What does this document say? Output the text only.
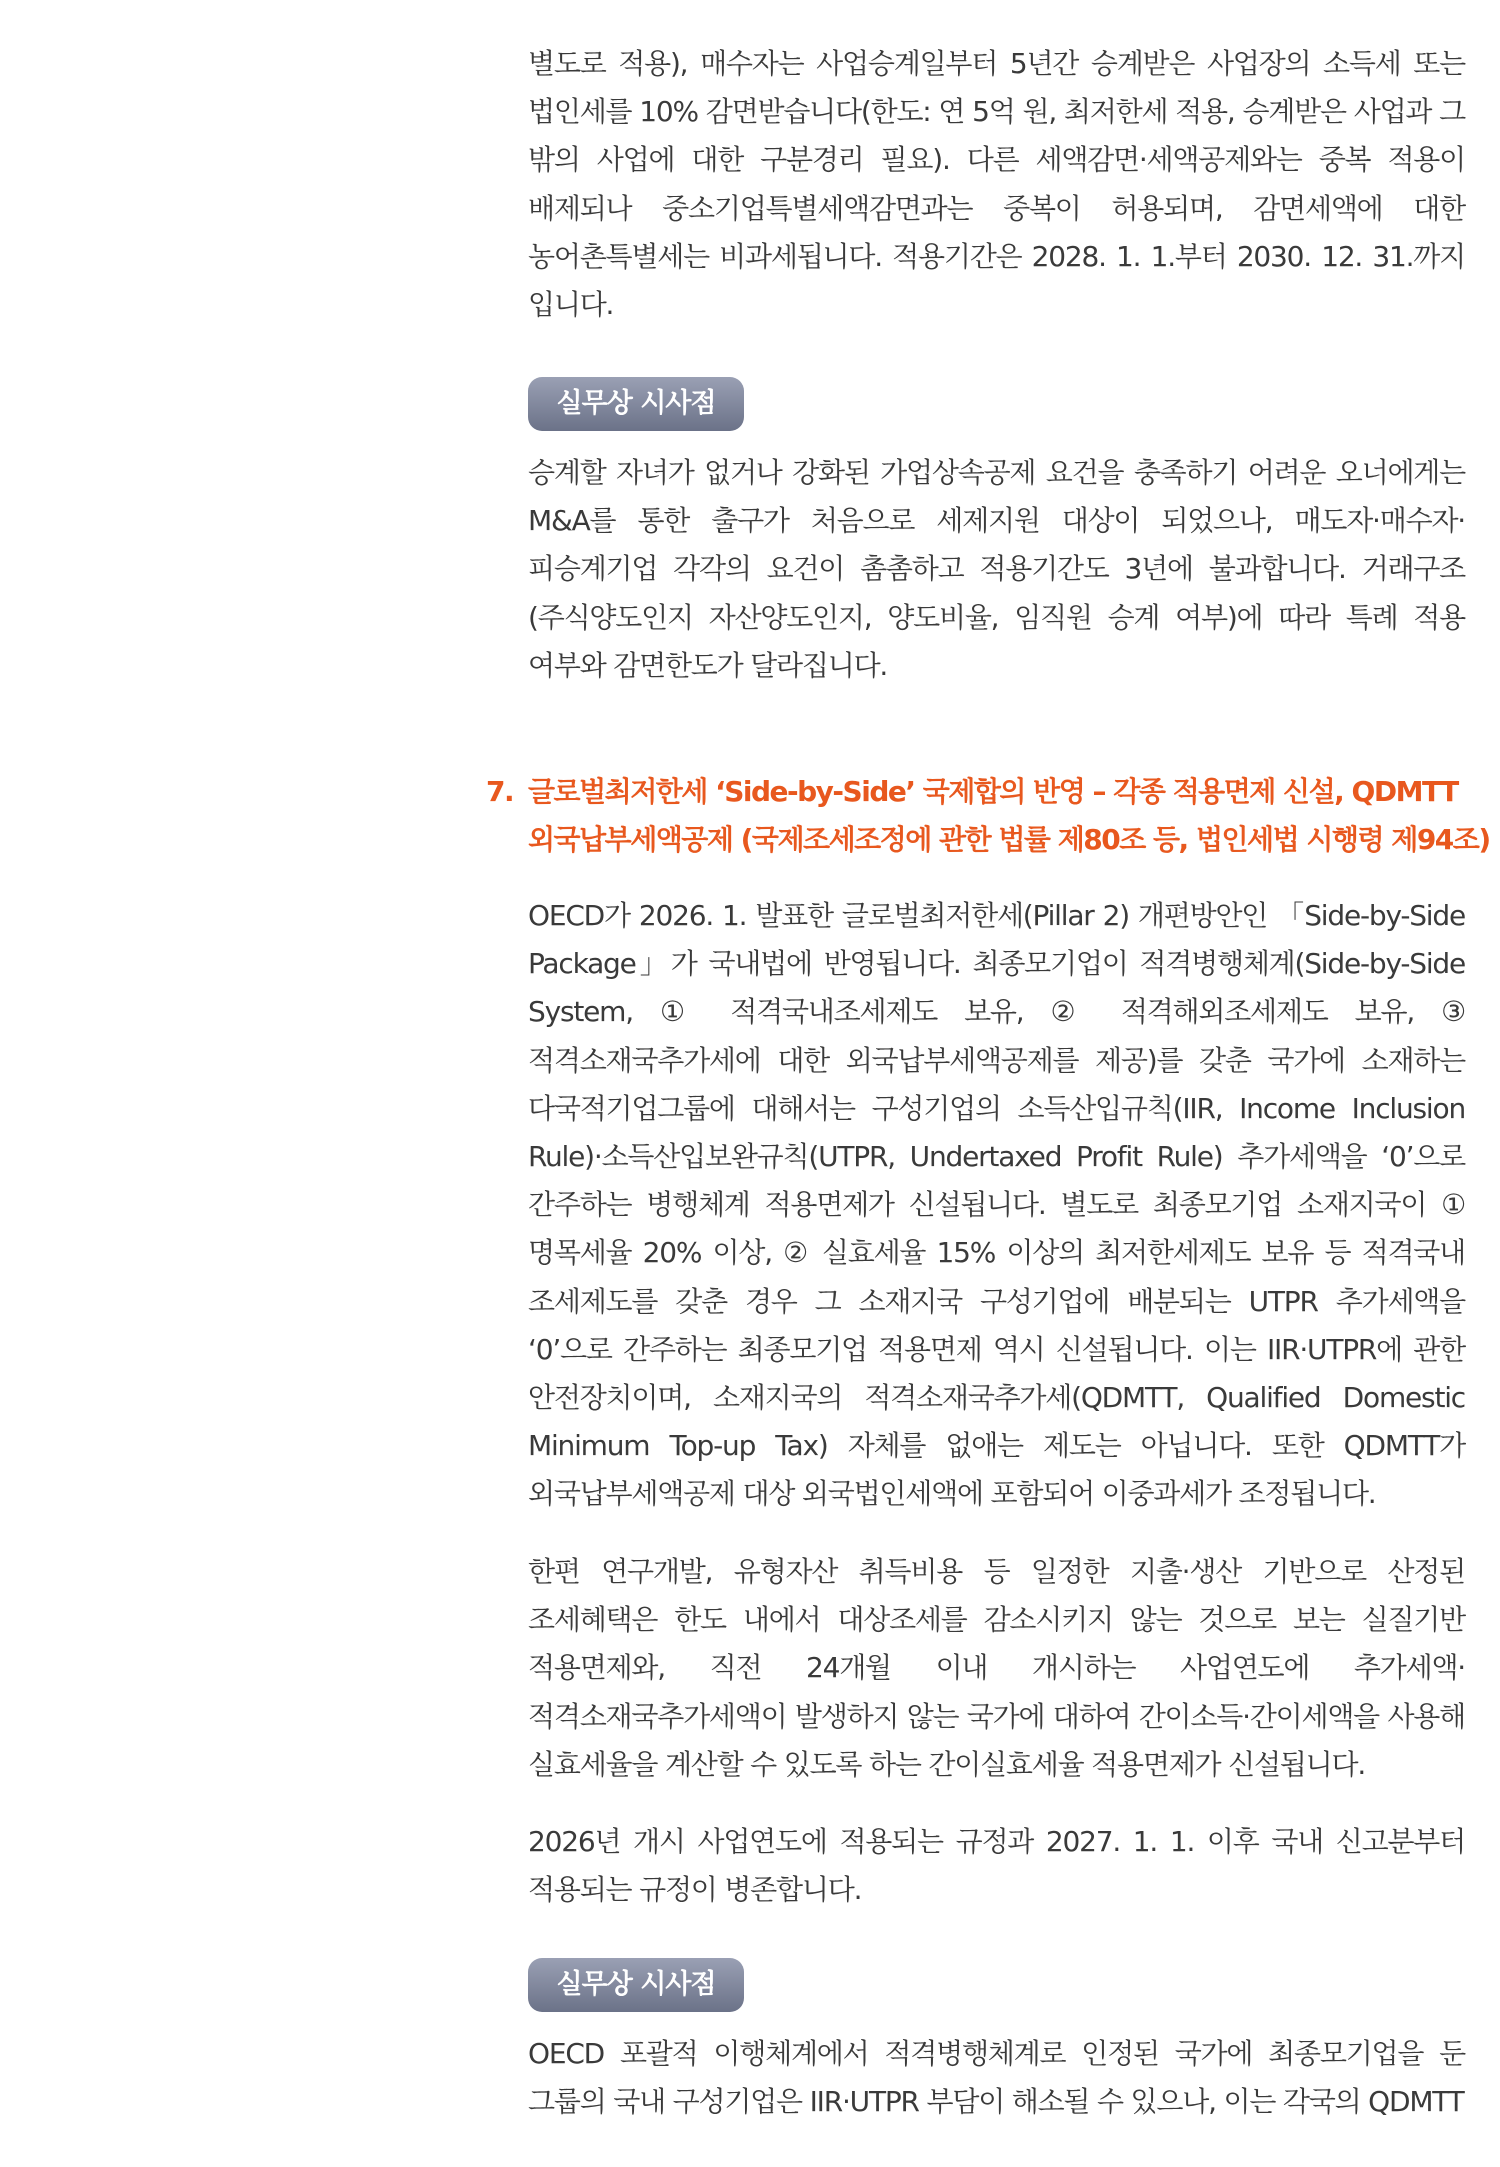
별도로 적용), 매수자는 사업승계일부터 5년간 승계받은 사업장의 소득세 또는 법인세를 10% 감면받습니다(한도: 연 5억 원, 최저한세 적용, 승계받은 사업과 그 밖의 사업에 대한 구분경리 필요). 다른 세액감면·세액공제와는 중복 적용이 배제되나 중소기업특별세액감면과는 중복이 허용되며, 감면세액에 대한 농어촌특별세는 비과세됩니다. 적용기간은 2028. 1. 1.부터 2030. 12. 31.까지 입니다.

실무상 시사점

승계할 자녀가 없거나 강화된 가업상속공제 요건을 충족하기 어려운 오너에게는 M&A를 통한 출구가 처음으로 세제지원 대상이 되었으나, 매도자·매수자·피승계기업 각각의 요건이 촘촘하고 적용기간도 3년에 불과합니다. 거래구조(주식양도인지 자산양도인지, 양도비율, 임직원 승계 여부)에 따라 특례 적용 여부와 감면한도가 달라집니다.

7. 글로벌최저한세 ‘Side-by-Side’ 국제합의 반영 – 각종 적용면제 신설, QDMTT
외국납부세액공제 (국제조세조정에 관한 법률 제80조 등, 법인세법 시행령 제94조)

OECD가 2026. 1. 발표한 글로벌최저한세(Pillar 2) 개편방안인 「Side-by-Side Package」가 국내법에 반영됩니다. 최종모기업이 적격병행체계(Side-by-Side System, ① 적격국내조세제도 보유, ② 적격해외조세제도 보유, ③ 적격소재국추가세에 대한 외국납부세액공제를 제공)를 갖춘 국가에 소재하는 다국적기업그룹에 대해서는 구성기업의 소득산입규칙(IIR, Income Inclusion Rule)·소득산입보완규칙(UTPR, Undertaxed Profit Rule) 추가세액을 ‘0’으로 간주하는 병행체계 적용면제가 신설됩니다. 별도로 최종모기업 소재지국이 ① 명목세율 20% 이상, ② 실효세율 15% 이상의 최저한세제도 보유 등 적격국내 조세제도를 갖춘 경우 그 소재지국 구성기업에 배분되는 UTPR 추가세액을 ‘0’으로 간주하는 최종모기업 적용면제 역시 신설됩니다. 이는 IIR·UTPR에 관한 안전장치이며, 소재지국의 적격소재국추가세(QDMTT, Qualified Domestic Minimum Top-up Tax) 자체를 없애는 제도는 아닙니다. 또한 QDMTT가 외국납부세액공제 대상 외국법인세액에 포함되어 이중과세가 조정됩니다.

한편 연구개발, 유형자산 취득비용 등 일정한 지출·생산 기반으로 산정된 조세혜택은 한도 내에서 대상조세를 감소시키지 않는 것으로 보는 실질기반 적용면제와, 직전 24개월 이내 개시하는 사업연도에 추가세액·적격소재국추가세액이 발생하지 않는 국가에 대하여 간이소득·간이세액을 사용해 실효세율을 계산할 수 있도록 하는 간이실효세율 적용면제가 신설됩니다.

2026년 개시 사업연도에 적용되는 규정과 2027. 1. 1. 이후 국내 신고분부터 적용되는 규정이 병존합니다.

실무상 시사점

OECD 포괄적 이행체계에서 적격병행체계로 인정된 국가에 최종모기업을 둔 그룹의 국내 구성기업은 IIR·UTPR 부담이 해소될 수 있으나, 이는 각국의 QDMTT
